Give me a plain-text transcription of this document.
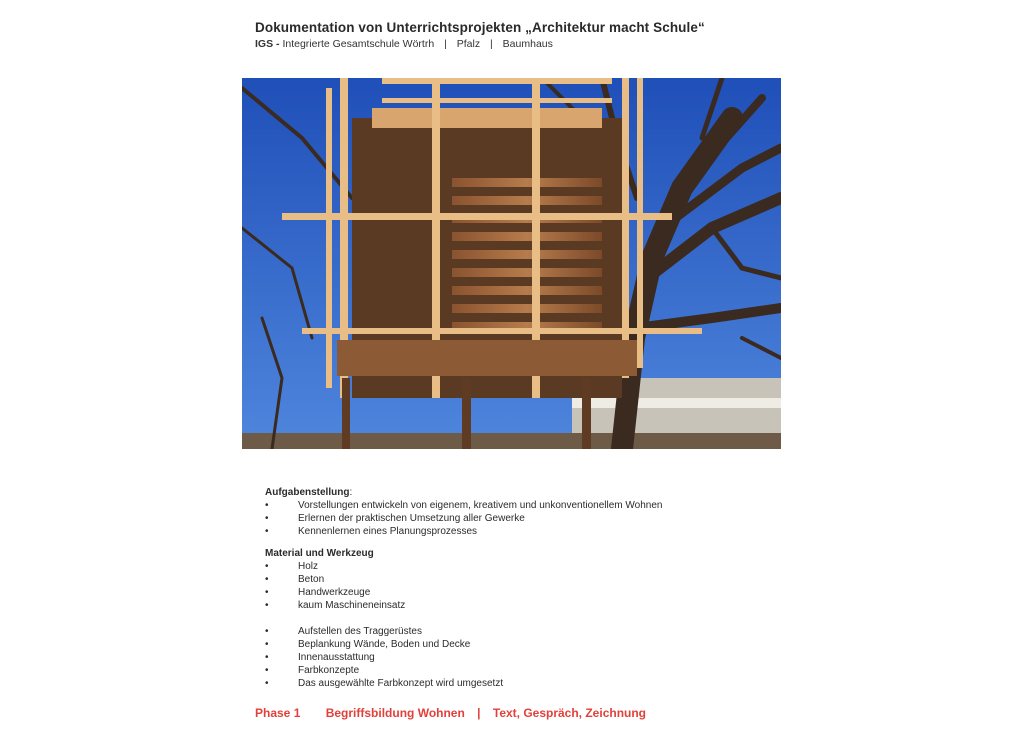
Dokumentation von Unterrichtsprojekten „Architektur macht Schule“
IGS - Integrierte Gesamtschule Wörtrh | Pfalz | Baumhaus
Aufgabenstellung:
•	Vorstellungen entwickeln von eigenem, kreativem und unkonventionellem Wohnen
•	Erlernen der praktischen Umsetzung aller Gewerke
•	Kennenlernen eines Planungsprozesses
Material und Werkzeug
•	Holz
•	Beton
•	Handwerkzeuge
•	kaum Maschineneinsatz
•	Aufstellen des Traggerüstes
•	Beplankung Wände, Boden und Decke
•	Innenausstattung
•	Farbkonzepte
•	Das ausgewählte Farbkonzept wird umgesetzt
Phase 1 Begriffsbildung Wohnen | Text, Gespräch, Zeichnung
